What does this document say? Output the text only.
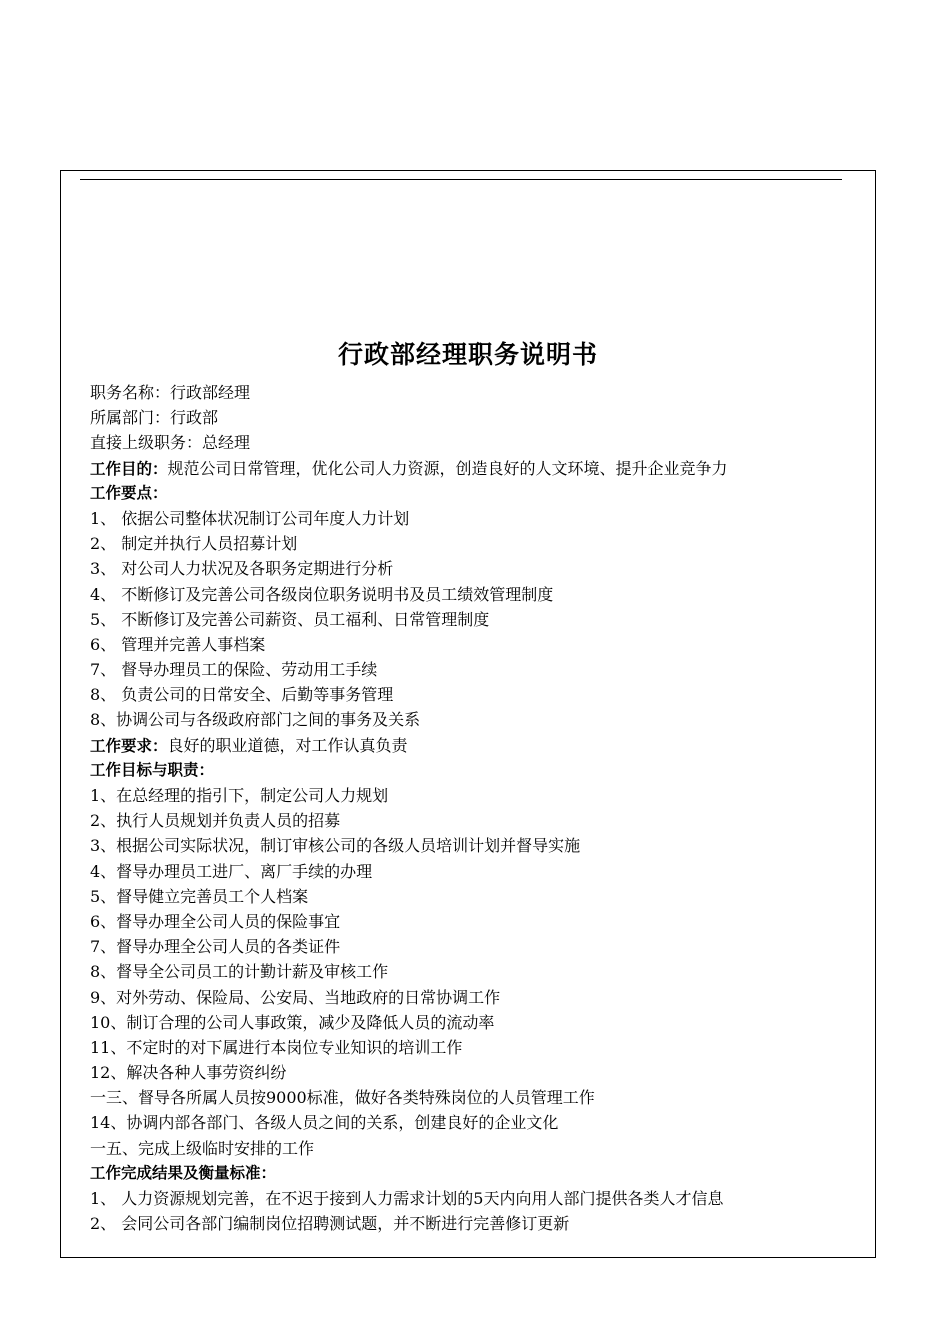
行政部经理职务说明书
职务名称：行政部经理
所属部门：行政部
直接上级职务：总经理
工作目的：规范公司日常管理，优化公司人力资源，创造良好的人文环境、提升企业竞争力
工作要点：
1、 依据公司整体状况制订公司年度人力计划
2、 制定并执行人员招募计划
3、 对公司人力状况及各职务定期进行分析
4、 不断修订及完善公司各级岗位职务说明书及员工绩效管理制度
5、 不断修订及完善公司薪资、员工福利、日常管理制度
6、 管理并完善人事档案
7、 督导办理员工的保险、劳动用工手续
8、 负责公司的日常安全、后勤等事务管理
8、协调公司与各级政府部门之间的事务及关系
工作要求：良好的职业道德，对工作认真负责
工作目标与职责：
1、在总经理的指引下，制定公司人力规划
2、执行人员规划并负责人员的招募
3、根据公司实际状况，制订审核公司的各级人员培训计划并督导实施
4、督导办理员工进厂、离厂手续的办理
5、督导健立完善员工个人档案
6、督导办理全公司人员的保险事宜
7、督导办理全公司人员的各类证件
8、督导全公司员工的计勤计薪及审核工作
9、对外劳动、保险局、公安局、当地政府的日常协调工作
10、制订合理的公司人事政策，减少及降低人员的流动率
11、不定时的对下属进行本岗位专业知识的培训工作
12、解决各种人事劳资纠纷
一三、督导各所属人员按9000标准，做好各类特殊岗位的人员管理工作
14、协调内部各部门、各级人员之间的关系，创建良好的企业文化
一五、完成上级临时安排的工作
工作完成结果及衡量标准：
1、 人力资源规划完善，在不迟于接到人力需求计划的5天内向用人部门提供各类人才信息
2、 会同公司各部门编制岗位招聘测试题，并不断进行完善修订更新
